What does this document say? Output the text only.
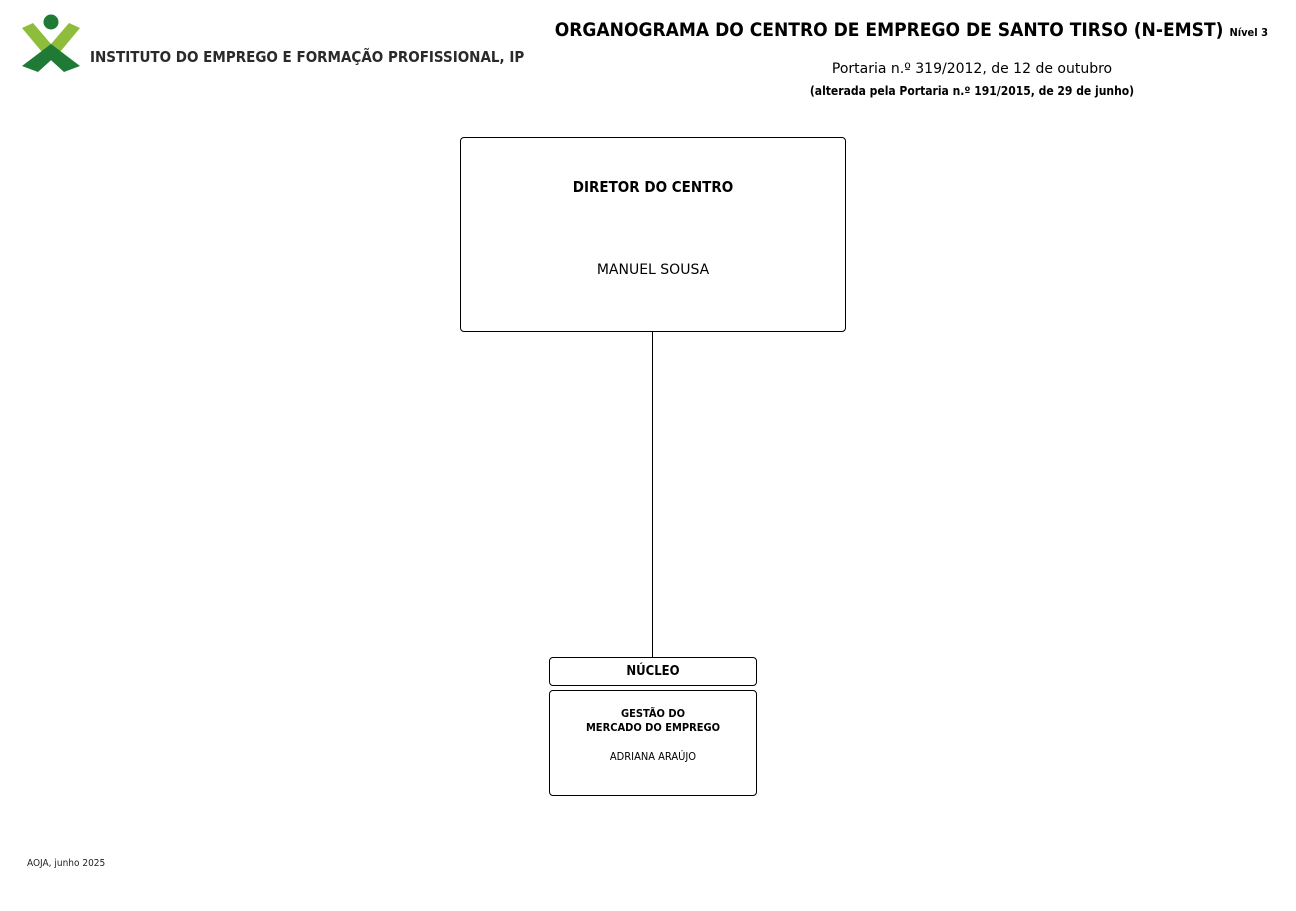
INSTITUTO DO EMPREGO E FORMAÇÃO PROFISSIONAL, IP
ORGANOGRAMA DO CENTRO DE EMPREGO DE SANTO TIRSO (N-EMST) Nível 3
Portaria n.º 319/2012, de 12 de outubro
(alterada pela Portaria n.º 191/2015, de 29 de junho)
DIRETOR DO CENTRO
MANUEL SOUSA
NÚCLEO
GESTÃO DO
MERCADO DO EMPREGO
ADRIANA ARAÚJO
AOJA, junho 2025
